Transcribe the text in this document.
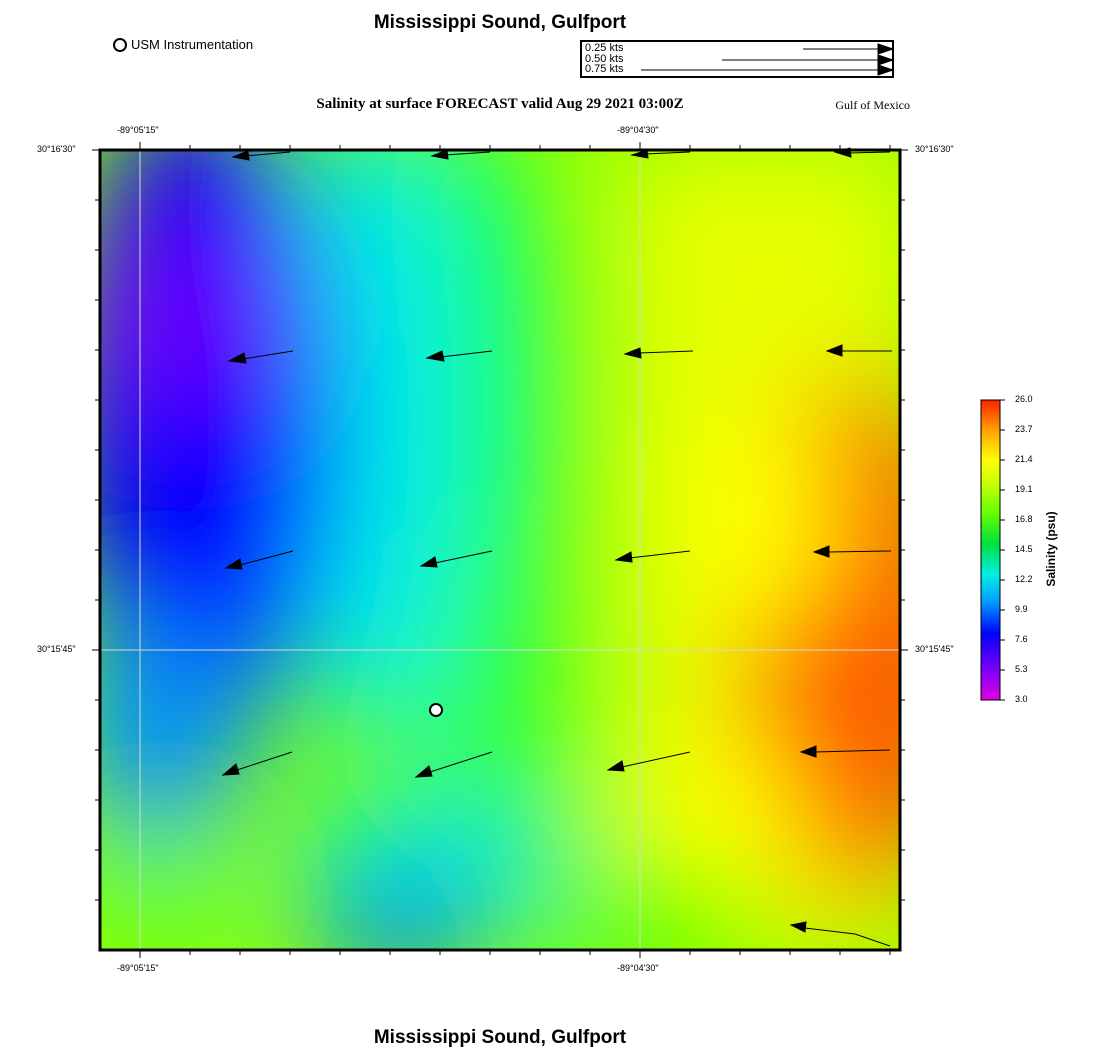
Mississippi Sound, Gulfport
USM Instrumentation
Salinity at surface FORECAST valid Aug 29 2021 03:00Z	Gulf of Mexico
0.25 kts
0.50 kts
0.75 kts
-89°05'15"	-89°04'30"
-89°05'15"	-89°04'30"
30°16'30"
30°15'45"
30°16'30"
30°15'45"
26.0
23.7
21.4
19.1
16.8
14.5
12.2
9.9
7.6
5.3
3.0
Salinity (psu)
Mississippi Sound, Gulfport
